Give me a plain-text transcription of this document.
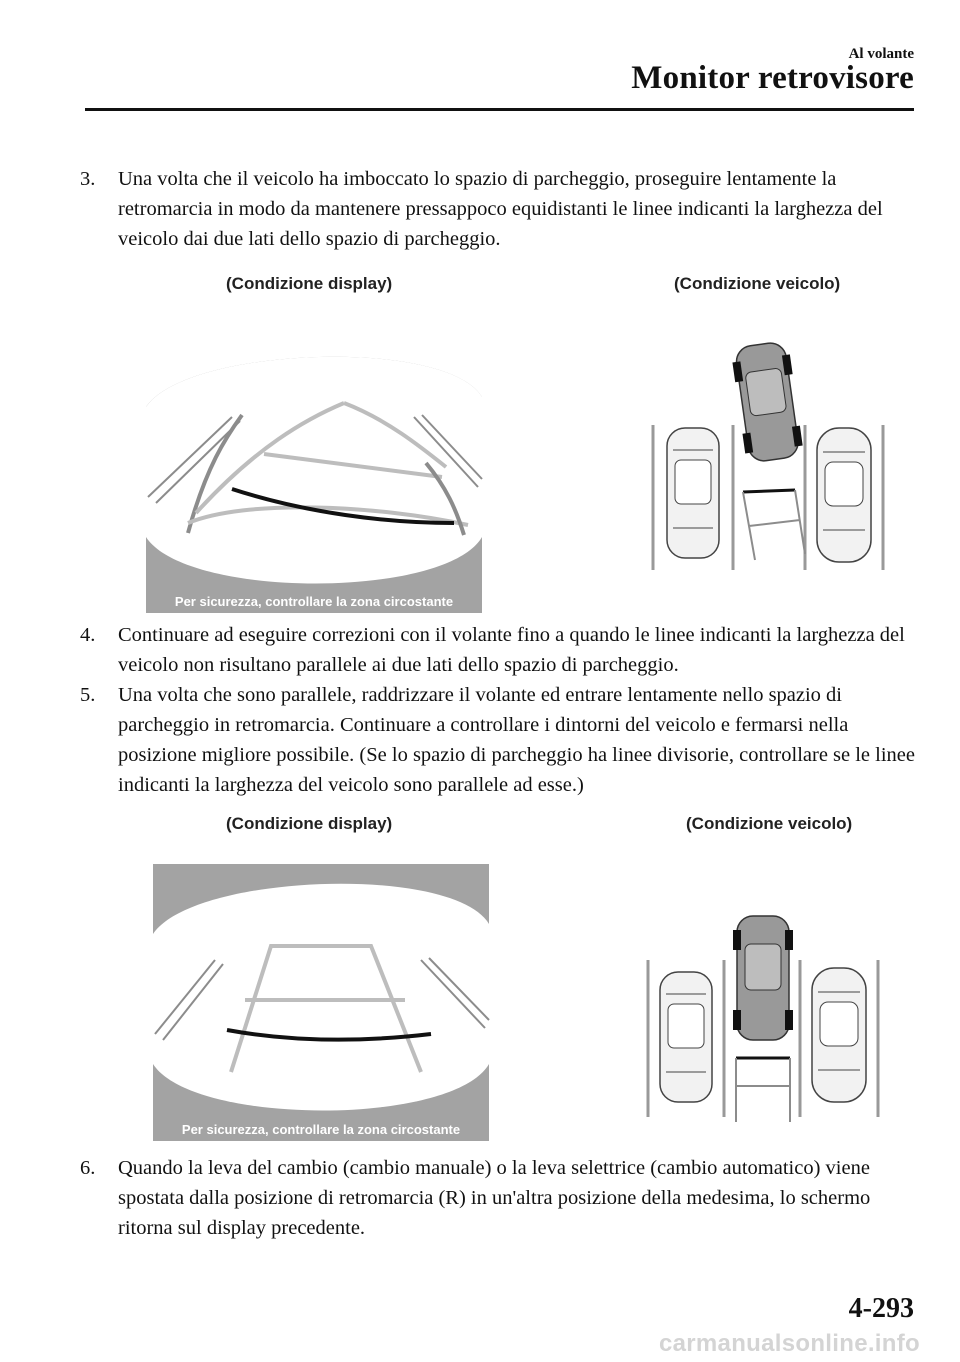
Al volante
Monitor retrovisore
3. Una volta che il veicolo ha imboccato lo spazio di parcheggio, proseguire lentamente la retromarcia in modo da mantenere pressappoco equidistanti le linee indicanti la larghezza del veicolo dai due lati dello spazio di parcheggio.
(Condizione display)	(Condizione veicolo)
Per sicurezza, controllare la zona circostante
4. Continuare ad eseguire correzioni con il volante fino a quando le linee indicanti la larghezza del veicolo non risultano parallele ai due lati dello spazio di parcheggio.
5. Una volta che sono parallele, raddrizzare il volante ed entrare lentamente nello spazio di parcheggio in retromarcia. Continuare a controllare i dintorni del veicolo e fermarsi nella posizione migliore possibile. (Se lo spazio di parcheggio ha linee divisorie, controllare se le linee indicanti la larghezza del veicolo sono parallele ad esse.)
(Condizione display)	(Condizione veicolo)
Per sicurezza, controllare la zona circostante
6. Quando la leva del cambio (cambio manuale) o la leva selettrice (cambio automatico) viene spostata dalla posizione di retromarcia (R) in un'altra posizione della medesima, lo schermo ritorna sul display precedente.
4-293
carmanualsonline.info
